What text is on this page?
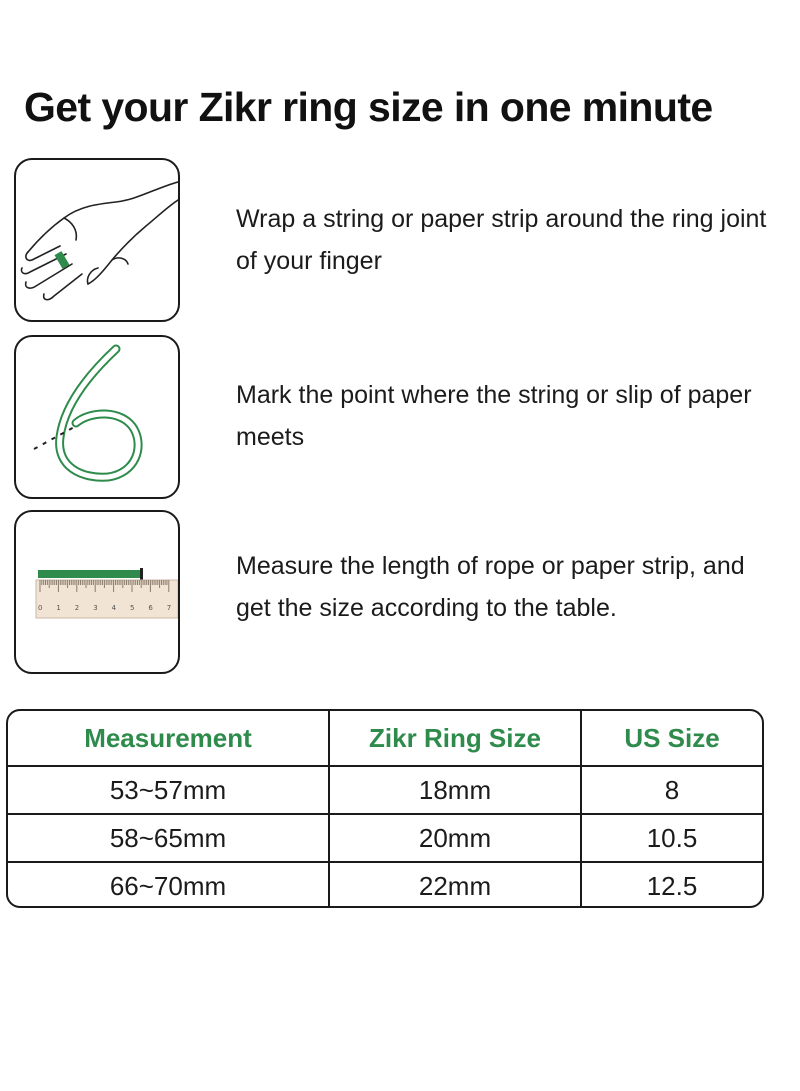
Get your Zikr ring size in one minute
Wrap a string or paper strip around the ring joint of your finger
Mark the point where the string or slip of paper meets
0 1 2 3 4 5 6 7
Measure the length of rope or paper strip, and get the size according to the table.
Measurement	Zikr Ring Size	US Size
53~57mm	18mm	8
58~65mm	20mm	10.5
66~70mm	22mm	12.5
